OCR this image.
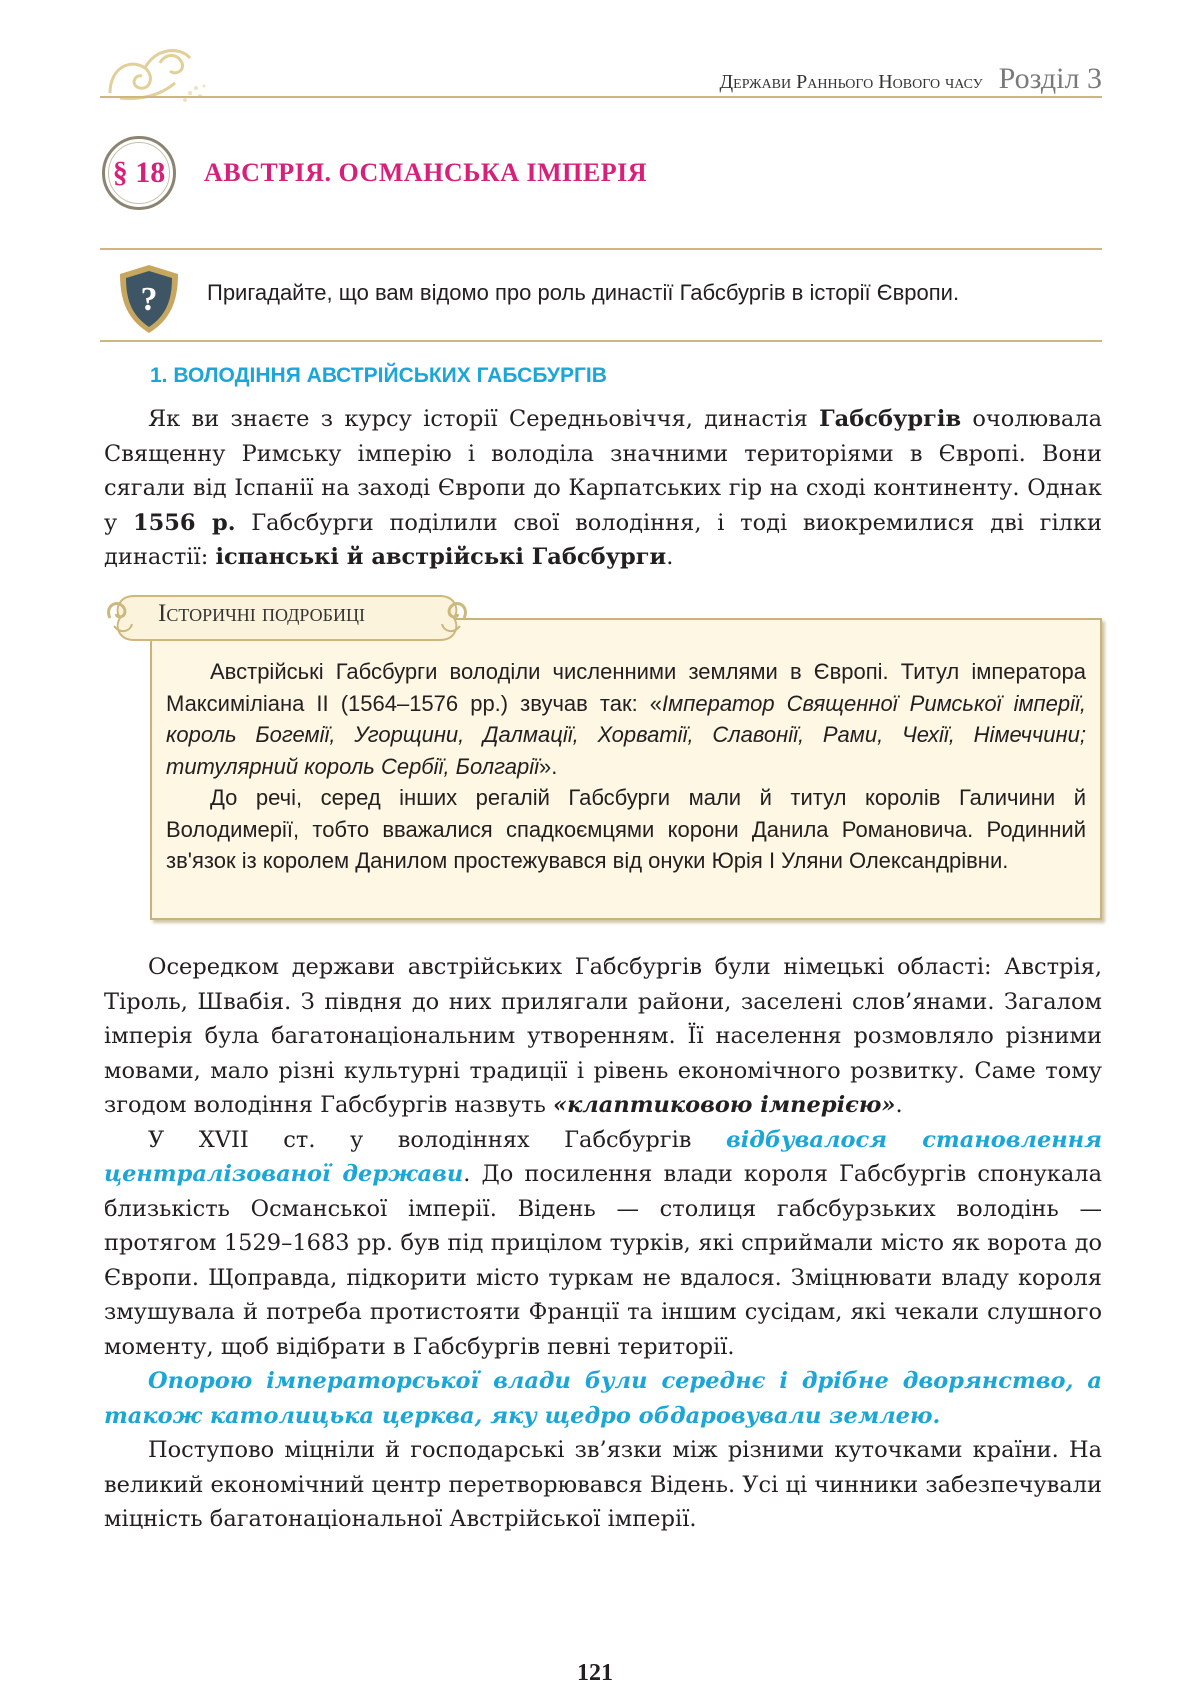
Держави Раннього Нового часу Розділ 3
§ 18 АВСТРІЯ. ОСМАНСЬКА ІМПЕРІЯ
? Пригадайте, що вам відомо про роль династії Габсбургів в історії Європи.
1. ВОЛОДІННЯ АВСТРІЙСЬКИХ ГАБСБУРГІВ

Як ви знаєте з курсу історії Середньовіччя, династія Габсбургів очолювала Священну Римську імперію і володіла значними територіями в Європі. Вони сягали від Іспанії на заході Європи до Карпатських гір на сході континенту. Однак у 1556 р. Габсбурги поділили свої володіння, і тоді виокремилися дві гілки династії: іспанські й австрійські Габсбурги.

Історичні подробиці

Австрійські Габсбурги володіли численними землями в Європі. Титул імператора Максиміліана II (1564–1576 рр.) звучав так: «Імператор Священної Римської імперії, король Богемії, Угорщини, Далмації, Хорватії, Славонії, Рами, Чехії, Німеччини; титулярний король Сербії, Болгарії».

До речі, серед інших регалій Габсбурги мали й титул королів Галичини й Володимерії, тобто вважалися спадкоємцями корони Данила Романовича. Родинний зв'язок із королем Данилом простежувався від онуки Юрія I Уляни Олександрівни.

Осередком держави австрійських Габсбургів були німецькі області: Австрія, Тіроль, Швабія. З півдня до них прилягали райони, заселені слов’янами. Загалом імперія була багатонаціональним утворенням. Її населення розмовляло різними мовами, мало різні культурні традиції і рівень економічного розвитку. Саме тому згодом володіння Габсбургів назвуть «клаптиковою імперією».

У XVII ст. у володіннях Габсбургів відбувалося становлення централізованої держави. До посилення влади короля Габсбургів спонукала близькість Османської імперії. Відень — столиця габсбурзьких володінь — протягом 1529–1683 рр. був під прицілом турків, які сприймали місто як ворота до Європи. Щоправда, підкорити місто туркам не вдалося. Зміцнювати владу короля змушувала й потреба протистояти Франції та іншим сусідам, які чекали слушного моменту, щоб відібрати в Габсбургів певні території.

Опорою імператорської влади були середнє і дрібне дворянство, а також католицька церква, яку щедро обдаровували землею.

Поступово міцніли й господарські зв’язки між різними куточками країни. На великий економічний центр перетворювався Відень. Усі ці чинники забезпечували міцність багатонаціональної Австрійської імперії.

121
